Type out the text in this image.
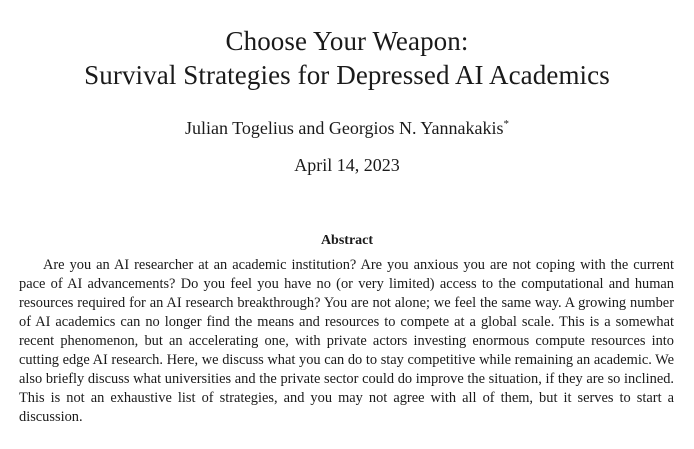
Choose Your Weapon:
Survival Strategies for Depressed AI Academics
Julian Togelius and Georgios N. Yannakakis*
April 14, 2023
Abstract
Are you an AI researcher at an academic institution? Are you anxious you are not coping with the current pace of AI advancements? Do you feel you have no (or very limited) access to the computational and human resources required for an AI research breakthrough? You are not alone; we feel the same way. A growing number of AI academics can no longer find the means and resources to compete at a global scale. This is a somewhat recent phenomenon, but an accelerating one, with private actors investing enormous compute resources into cutting edge AI research. Here, we discuss what you can do to stay competitive while remaining an academic. We also briefly discuss what universities and the private sector could do improve the situation, if they are so inclined. This is not an exhaustive list of strategies, and you may not agree with all of them, but it serves to start a discussion.
